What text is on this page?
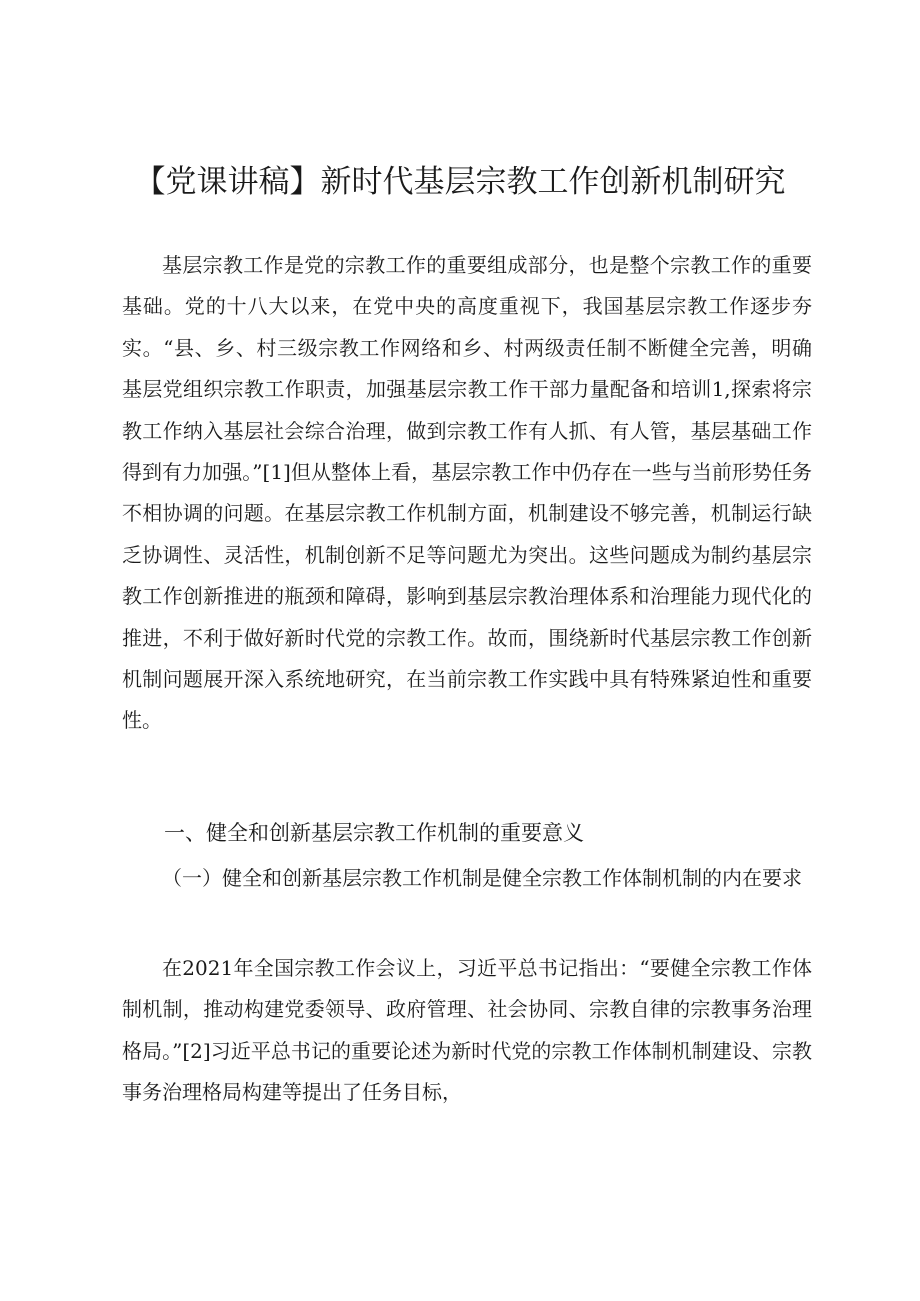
【党课讲稿】新时代基层宗教工作创新机制研究

基层宗教工作是党的宗教工作的重要组成部分，也是整个宗教工作的重要基础。党的十八大以来，在党中央的高度重视下，我国基层宗教工作逐步夯实。“县、乡、村三级宗教工作网络和乡、村两级责任制不断健全完善，明确基层党组织宗教工作职责，加强基层宗教工作干部力量配备和培训1,探索将宗教工作纳入基层社会综合治理，做到宗教工作有人抓、有人管，基层基础工作得到有力加强。”[1]但从整体上看，基层宗教工作中仍存在一些与当前形势任务不相协调的问题。在基层宗教工作机制方面，机制建设不够完善，机制运行缺乏协调性、灵活性，机制创新不足等问题尤为突出。这些问题成为制约基层宗教工作创新推进的瓶颈和障碍，影响到基层宗教治理体系和治理能力现代化的推进，不利于做好新时代党的宗教工作。故而，围绕新时代基层宗教工作创新机制问题展开深入系统地研究，在当前宗教工作实践中具有特殊紧迫性和重要性。

一、健全和创新基层宗教工作机制的重要意义

（一）健全和创新基层宗教工作机制是健全宗教工作体制机制的内在要求

在2021年全国宗教工作会议上，习近平总书记指出：“要健全宗教工作体制机制，推动构建党委领导、政府管理、社会协同、宗教自律的宗教事务治理格局。”[2]习近平总书记的重要论述为新时代党的宗教工作体制机制建设、宗教事务治理格局构建等提出了任务目标，
